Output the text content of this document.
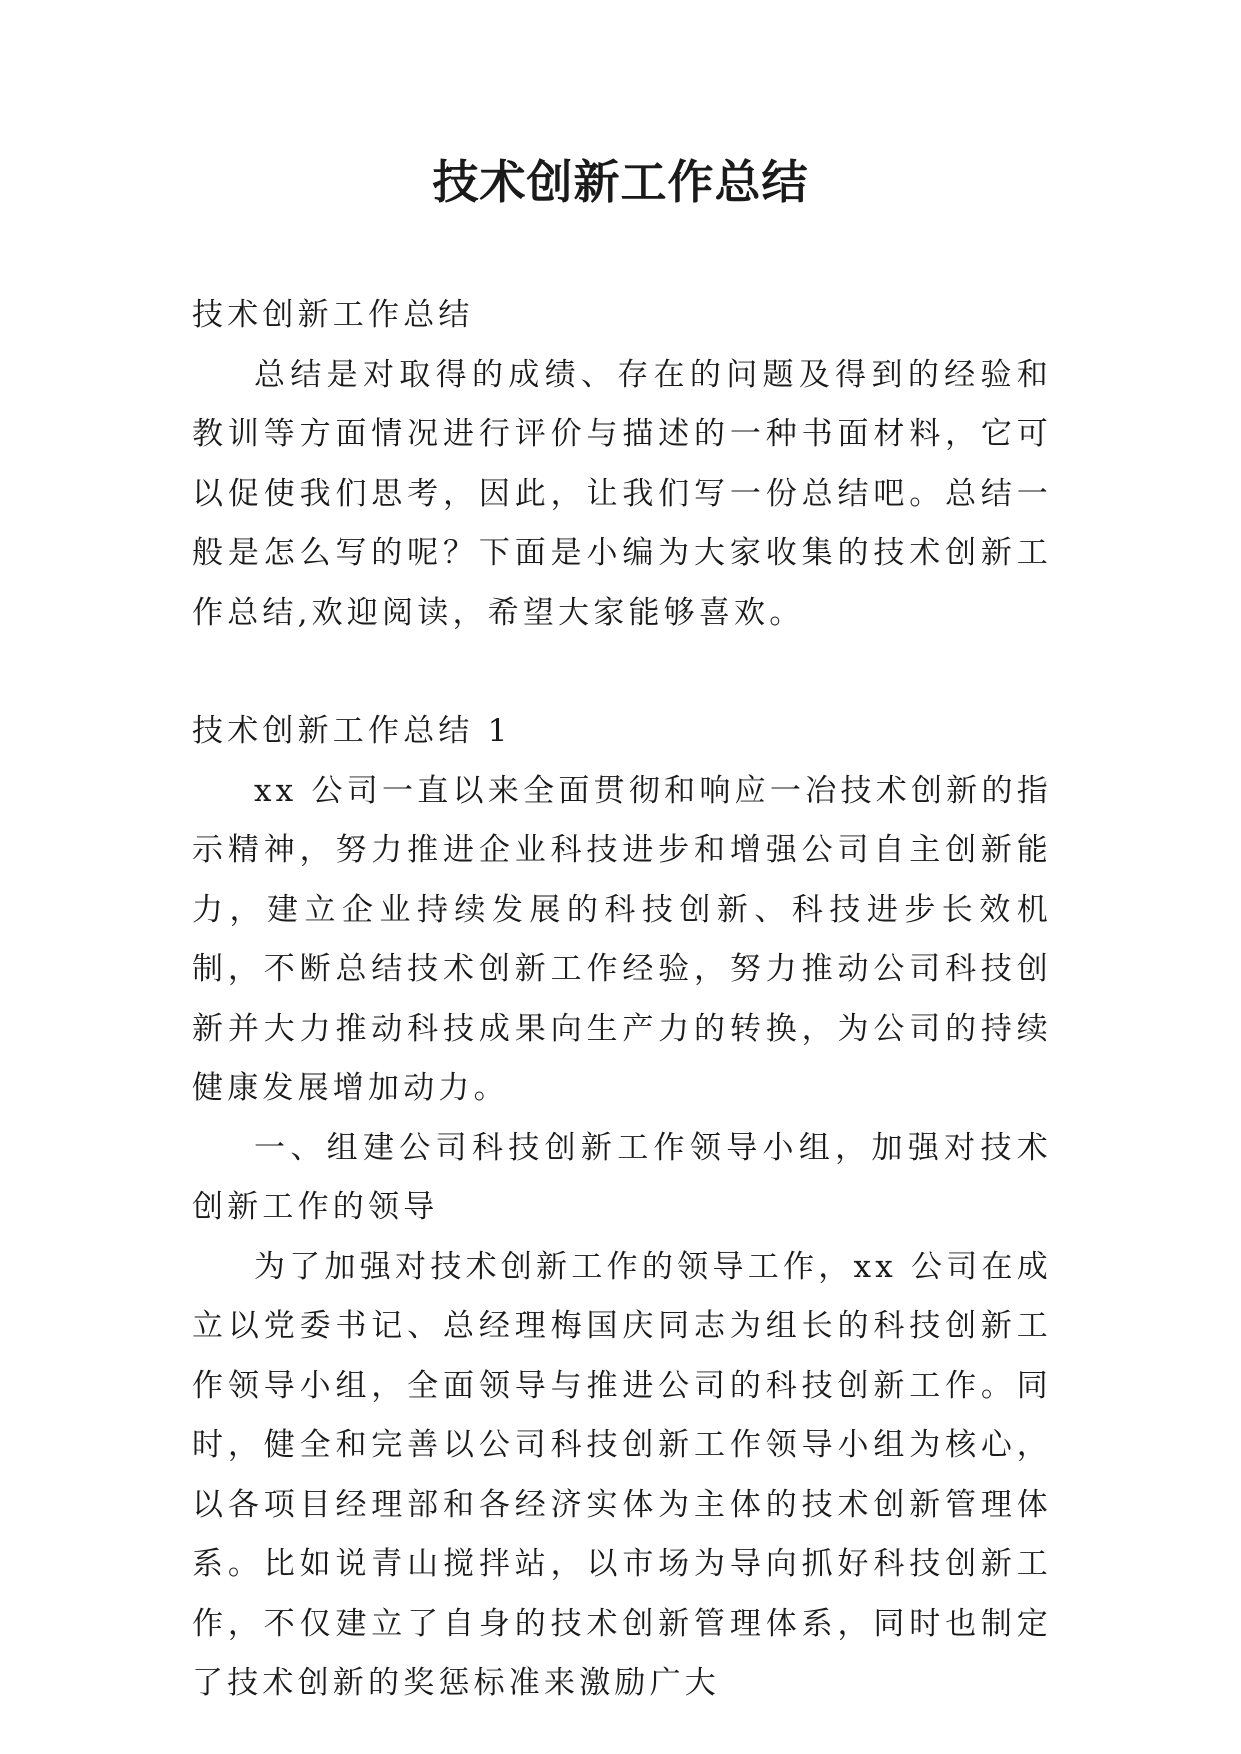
技术创新工作总结

技术创新工作总结

总结是对取得的成绩、存在的问题及得到的经验和教训等方面情况进行评价与描述的一种书面材料，它可以促使我们思考，因此，让我们写一份总结吧。总结一般是怎么写的呢？下面是小编为大家收集的技术创新工作总结,欢迎阅读，希望大家能够喜欢。

技术创新工作总结 1

xx 公司一直以来全面贯彻和响应一冶技术创新的指示精神，努力推进企业科技进步和增强公司自主创新能力，建立企业持续发展的科技创新、科技进步长效机制，不断总结技术创新工作经验，努力推动公司科技创新并大力推动科技成果向生产力的转换，为公司的持续健康发展增加动力。

一、组建公司科技创新工作领导小组，加强对技术创新工作的领导

为了加强对技术创新工作的领导工作，xx 公司在成立以党委书记、总经理梅国庆同志为组长的科技创新工作领导小组，全面领导与推进公司的科技创新工作。同时，健全和完善以公司科技创新工作领导小组为核心，以各项目经理部和各经济实体为主体的技术创新管理体系。比如说青山搅拌站，以市场为导向抓好科技创新工作，不仅建立了自身的技术创新管理体系，同时也制定了技术创新的奖惩标准来激励广大
